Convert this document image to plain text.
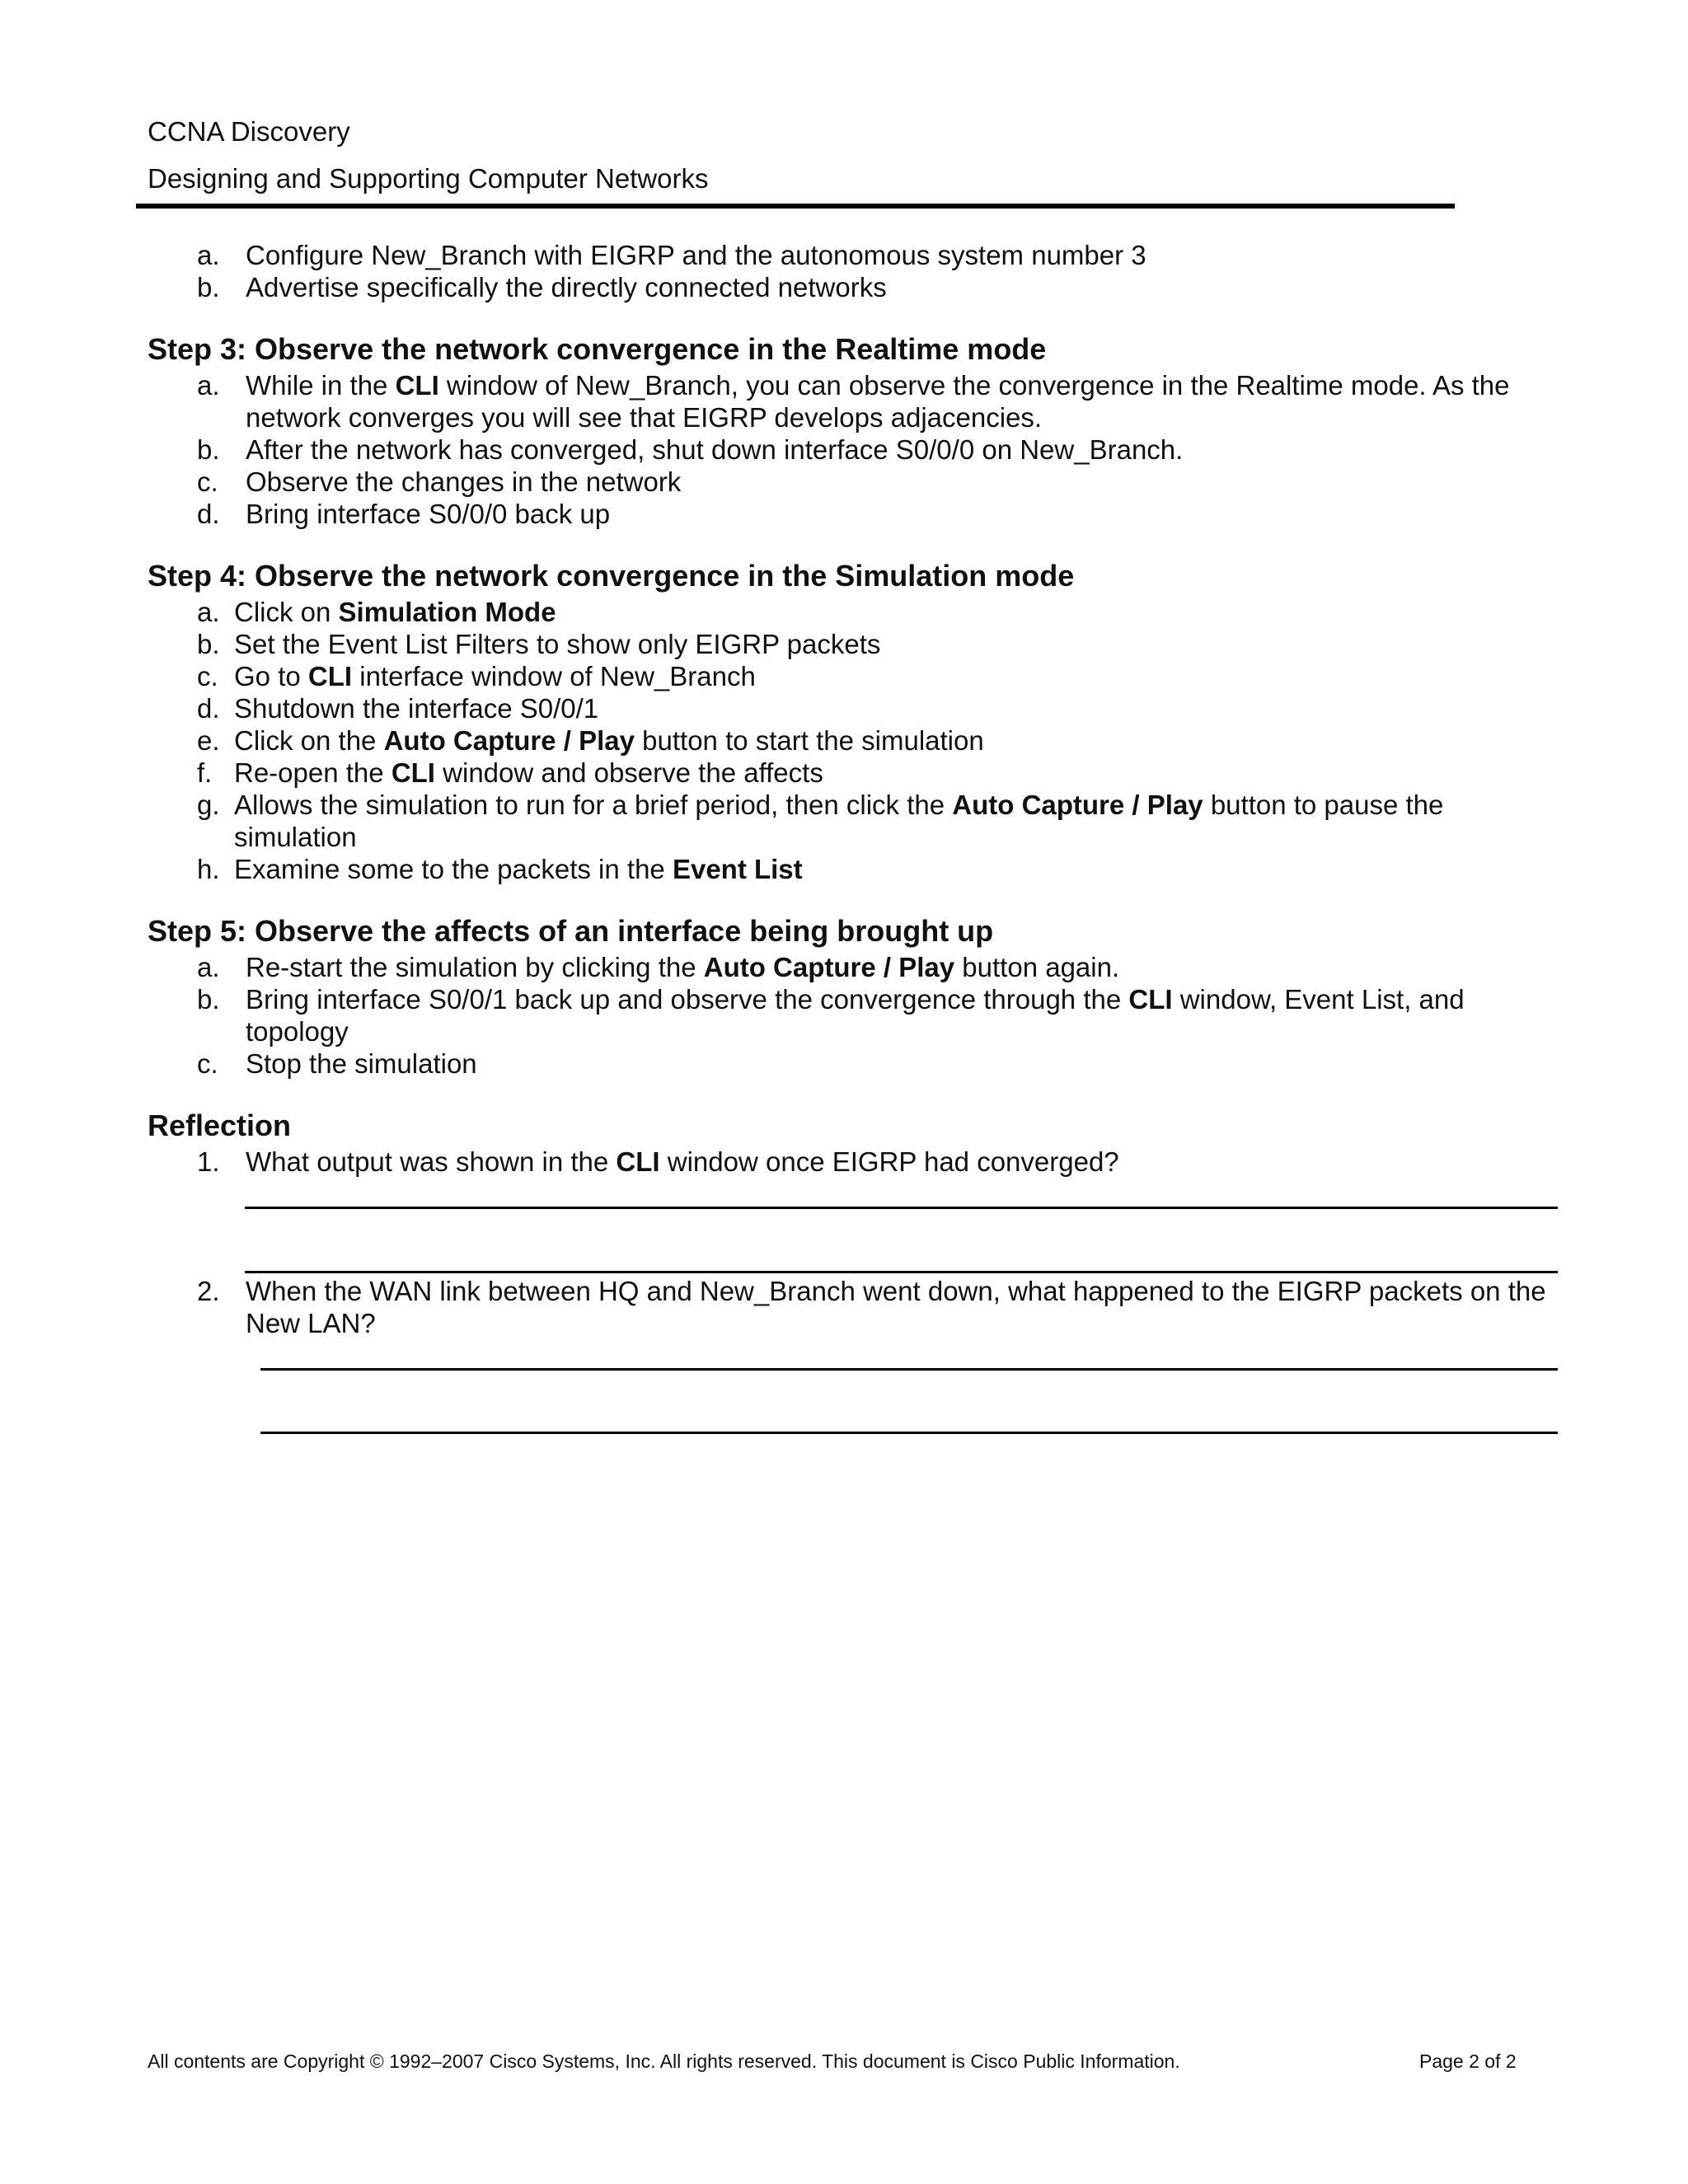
CCNA Discovery
Designing and Supporting Computer Networks
a. Configure New_Branch with EIGRP and the autonomous system number 3
b. Advertise specifically the directly connected networks
Step 3: Observe the network convergence in the Realtime mode
a. While in the CLI window of New_Branch, you can observe the convergence in the Realtime mode. As the network converges you will see that EIGRP develops adjacencies.
b. After the network has converged, shut down interface S0/0/0 on New_Branch.
c.	Observe the changes in the network
d. Bring interface S0/0/0 back up
Step 4: Observe the network convergence in the Simulation mode
a. Click on Simulation Mode
b. Set the Event List Filters to show only EIGRP packets
c. Go to CLI interface window of New_Branch
d. Shutdown the interface S0/0/1
e. Click on the Auto Capture / Play button to start the simulation
f. Re-open the CLI window and observe the affects
g. Allows the simulation to run for a brief period, then click the Auto Capture / Play button to pause the simulation
h. Examine some to the packets in the Event List
Step 5: Observe the affects of an interface being brought up
a. Re-start the simulation by clicking the Auto Capture / Play button again.
b. Bring interface S0/0/1 back up and observe the convergence through the CLI window, Event List, and topology
c.	Stop the simulation
Reflection
1. What output was shown in the CLI window once EIGRP had converged?
2. When the WAN link between HQ and New_Branch went down, what happened to the EIGRP packets on the New LAN?
All contents are Copyright © 1992–2007 Cisco Systems, Inc. All rights reserved. This document is Cisco Public Information.	Page 2 of 2
